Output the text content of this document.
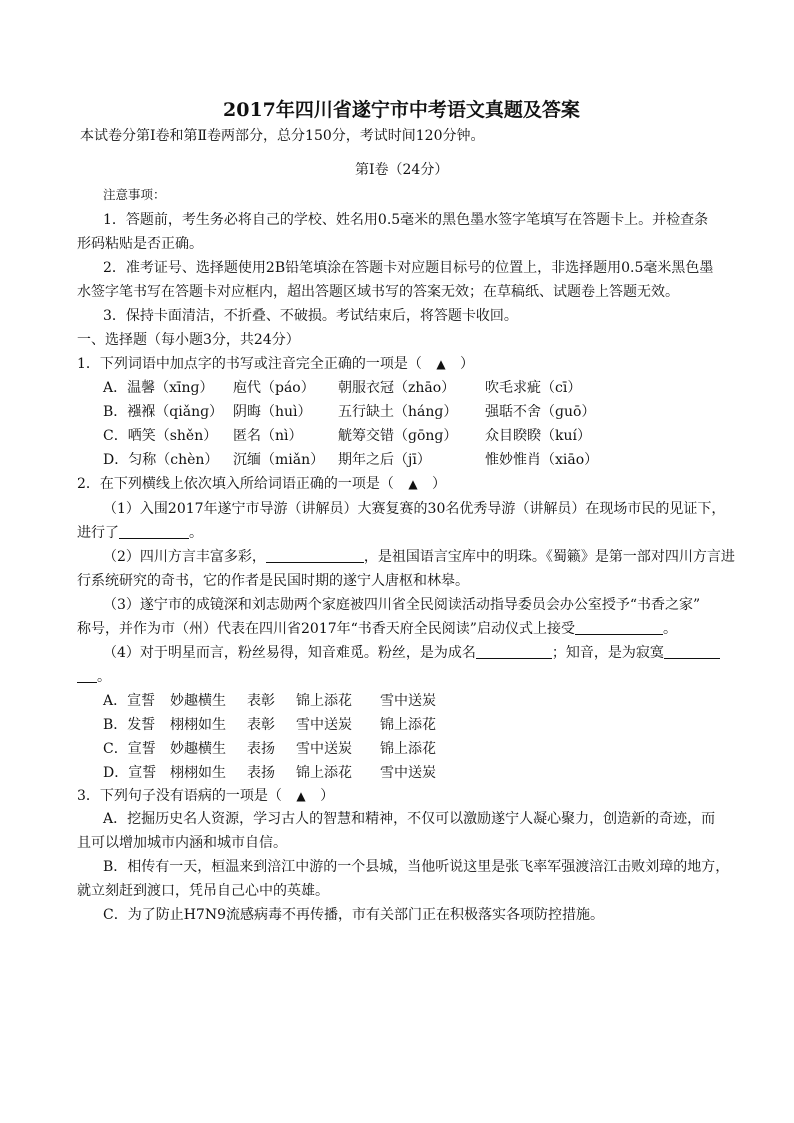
2017年四川省遂宁市中考语文真题及答案
本试卷分第Ⅰ卷和第Ⅱ卷两部分，总分150分，考试时间120分钟。
第Ⅰ卷（24分）
注意事项：
1．答题前，考生务必将自己的学校、姓名用0.5毫米的黑色墨水签字笔填写在答题卡上。并检查条
形码粘贴是否正确。
2．准考证号、选择题使用2B铅笔填涂在答题卡对应题目标号的位置上，非选择题用0.5毫米黑色墨
水签字笔书写在答题卡对应框内，超出答题区域书写的答案无效；在草稿纸、试题卷上答题无效。
3．保持卡面清洁，不折叠、不破损。考试结束后，将答题卡收回。
一、选择题（每小题3分，共24分）
1．下列词语中加点字的书写或注音完全正确的一项是（ ▲ ）
A．温馨（xīnɡ） 庖代（páo） 朝服衣冠（zhāo） 吹毛求疵（cī）
B．襁褓（qiǎnɡ） 阴晦（huì） 五行缺土（hánɡ） 强聒不舍（ɡuō）
C．哂笑（shěn） 匿名（nì）	觥筹交错（ɡōnɡ） 众目睽睽（kuí）
D．匀称（chèn） 沉缅（miǎn） 期年之后（jī）	惟妙惟肖（xiāo）
2．在下列横线上依次填入所给词语正确的一项是（ ▲ ）
（1）入围2017年遂宁市导游（讲解员）大赛复赛的30名优秀导游（讲解员）在现场市民的见证下，
进行了	。
（2）四川方言丰富多彩，	，是祖国语言宝库中的明珠。《蜀籁》是第一部对四川方言进
行系统研究的奇书，它的作者是民国时期的遂宁人唐枢和林皋。
（3）遂宁市的成镜深和刘志勋两个家庭被四川省全民阅读活动指导委员会办公室授予“书香之家”
称号，并作为市（州）代表在四川省2017年“书香天府全民阅读”启动仪式上接受	。
（4）对于明星而言，粉丝易得，知音难觅。粉丝，是为成名	；知音，是为寂寞
。
A．宣誓 妙趣横生 表彰 锦上添花 雪中送炭
B．发誓 栩栩如生 表彰 雪中送炭 锦上添花
C．宣誓 妙趣横生 表扬 雪中送炭 锦上添花
D．宣誓 栩栩如生 表扬 锦上添花 雪中送炭
3．下列句子没有语病的一项是（ ▲ ）
A．挖掘历史名人资源，学习古人的智慧和精神，不仅可以激励遂宁人凝心聚力，创造新的奇迹，而
且可以增加城市内涵和城市自信。
B．相传有一天，桓温来到涪江中游的一个县城，当他听说这里是张飞率军强渡涪江击败刘璋的地方，
就立刻赶到渡口，凭吊自己心中的英雄。
C．为了防止H7N9流感病毒不再传播，市有关部门正在积极落实各项防控措施。
